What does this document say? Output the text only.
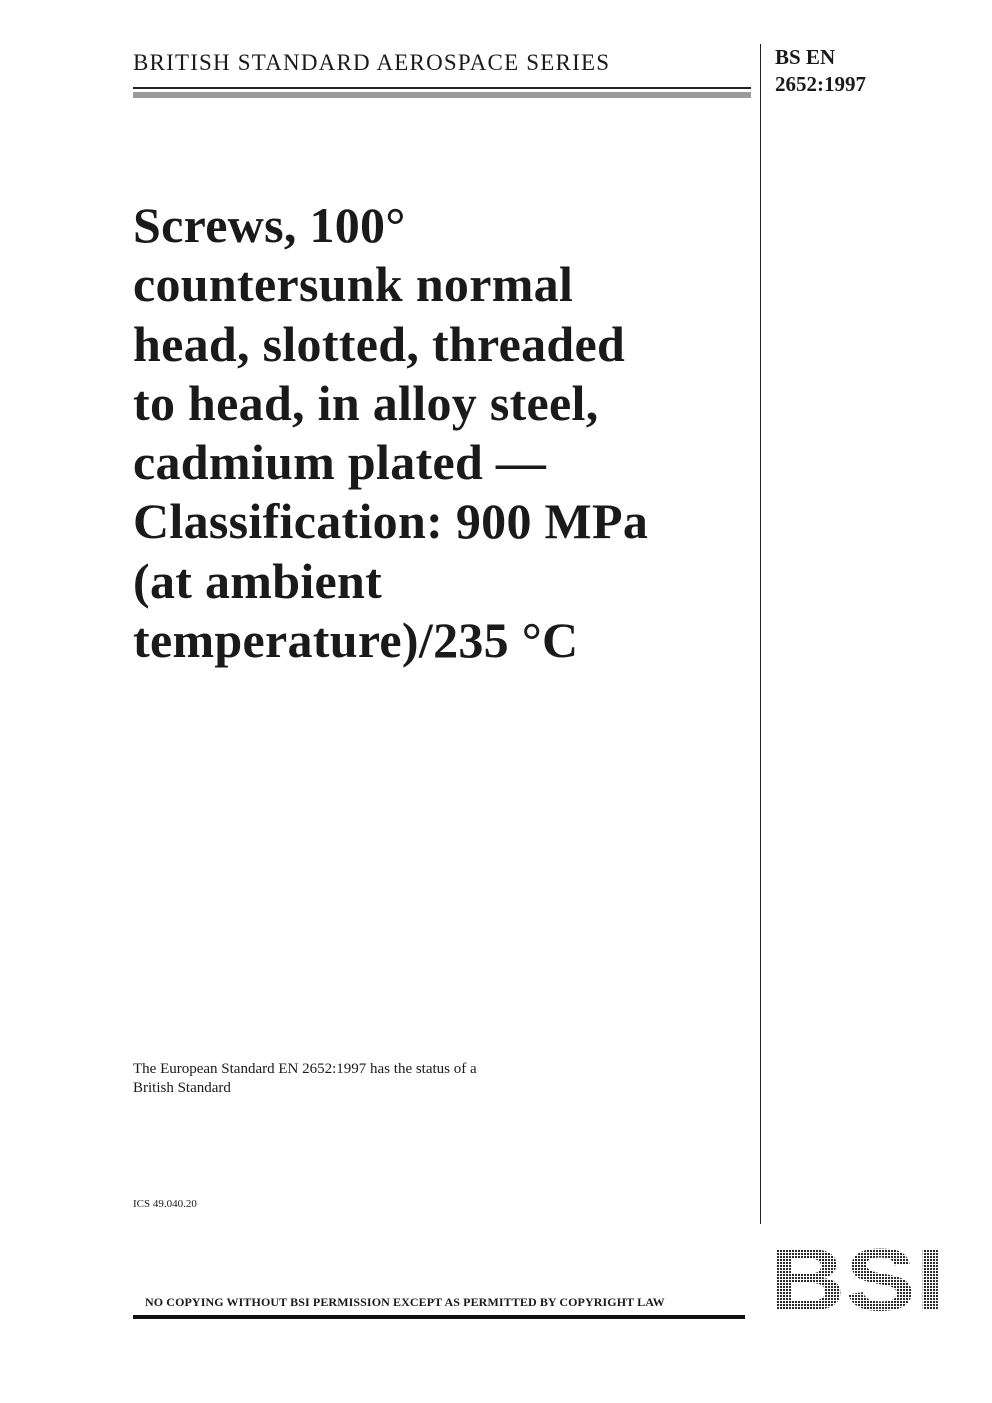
BRITISH STANDARD AEROSPACE SERIES	BS EN
2652:1997
Screws, 100°
countersunk normal
head, slotted, threaded
to head, in alloy steel,
cadmium plated —
Classification: 900 MPa
(at ambient
temperature)/235 °C
The European Standard EN 2652:1997 has the status of a
British Standard
ICS 49.040.20
NO COPYING WITHOUT BSI PERMISSION EXCEPT AS PERMITTED BY COPYRIGHT LAW
